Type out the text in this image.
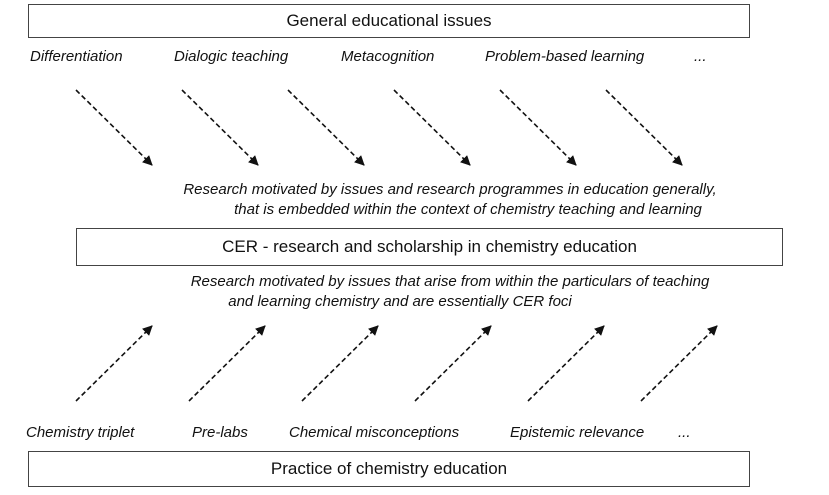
General educational issues
Differentiation	Dialogic teaching	Metacognition	Problem-based learning	...
Research motivated by issues and research programmes in education generally,
that is embedded within the context of chemistry teaching and learning
CER - research and scholarship in chemistry education
Research motivated by issues that arise from within the particulars of teaching
and learning chemistry and are essentially CER foci
Chemistry triplet	Pre-labs	Chemical misconceptions	Epistemic relevance ...
Practice of chemistry education
